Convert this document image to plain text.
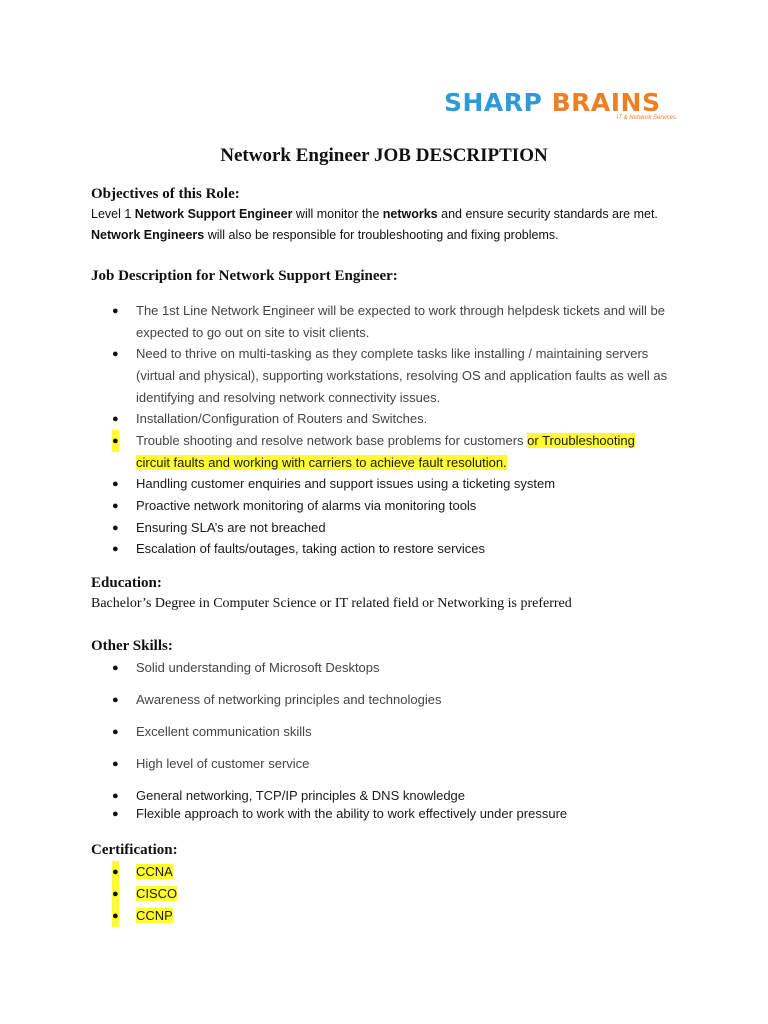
SHARP BRAINS
IT & Network Services
Network Engineer JOB DESCRIPTION
Objectives of this Role:
Level 1 Network Support Engineer will monitor the networks and ensure security standards are met.
Network Engineers will also be responsible for troubleshooting and fixing problems.
Job Description for Network Support Engineer:
● The 1st Line Network Engineer will be expected to work through helpdesk tickets and will be expected to go out on site to visit clients.
● Need to thrive on multi-tasking as they complete tasks like installing / maintaining servers (virtual and physical), supporting workstations, resolving OS and application faults as well as identifying and resolving network connectivity issues.
● Installation/Configuration of Routers and Switches.
● Trouble shooting and resolve network base problems for customers or Troubleshooting
circuit faults and working with carriers to achieve fault resolution.
● Handling customer enquiries and support issues using a ticketing system
● Proactive network monitoring of alarms via monitoring tools
● Ensuring SLA’s are not breached
● Escalation of faults/outages, taking action to restore services
Education:
Bachelor’s Degree in Computer Science or IT related field or Networking is preferred
Other Skills:
● Solid understanding of Microsoft Desktops
● Awareness of networking principles and technologies
● Excellent communication skills
● High level of customer service
● General networking, TCP/IP principles & DNS knowledge
● Flexible approach to work with the ability to work effectively under pressure
Certification:
● CCNA
● CISCO
● CCNP
